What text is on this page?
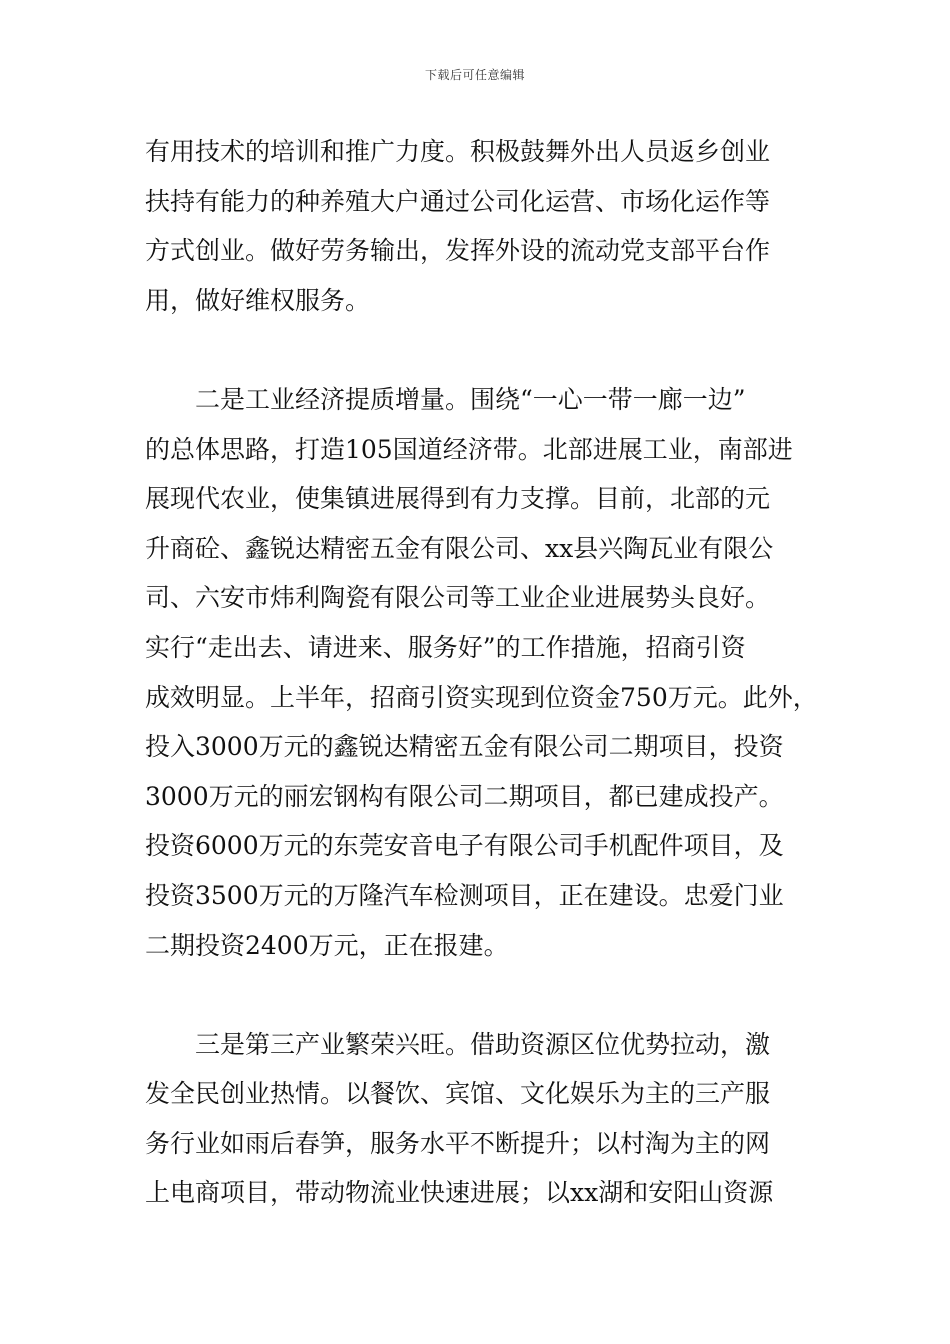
下载后可任意编辑
有用技术的培训和推广力度。积极鼓舞外出人员返乡创业
扶持有能力的种养殖大户通过公司化运营、市场化运作等
方式创业。做好劳务输出，发挥外设的流动党支部平台作
用，做好维权服务。
　　二是工业经济提质增量。围绕“一心一带一廊一边”
的总体思路，打造105国道经济带。北部进展工业，南部进
展现代农业，使集镇进展得到有力支撑。目前，北部的元
升商砼、鑫锐达精密五金有限公司、xx县兴陶瓦业有限公
司、六安市炜利陶瓷有限公司等工业企业进展势头良好。
实行“走出去、请进来、服务好”的工作措施，招商引资
成效明显。上半年，招商引资实现到位资金750万元。此外，
投入3000万元的鑫锐达精密五金有限公司二期项目，投资
3000万元的丽宏钢构有限公司二期项目，都已建成投产。
投资6000万元的东莞安音电子有限公司手机配件项目，及
投资3500万元的万隆汽车检测项目，正在建设。忠爱门业
二期投资2400万元，正在报建。
　　三是第三产业繁荣兴旺。借助资源区位优势拉动，激
发全民创业热情。以餐饮、宾馆、文化娱乐为主的三产服
务行业如雨后春笋，服务水平不断提升；以村淘为主的网
上电商项目，带动物流业快速进展；以xx湖和安阳山资源
